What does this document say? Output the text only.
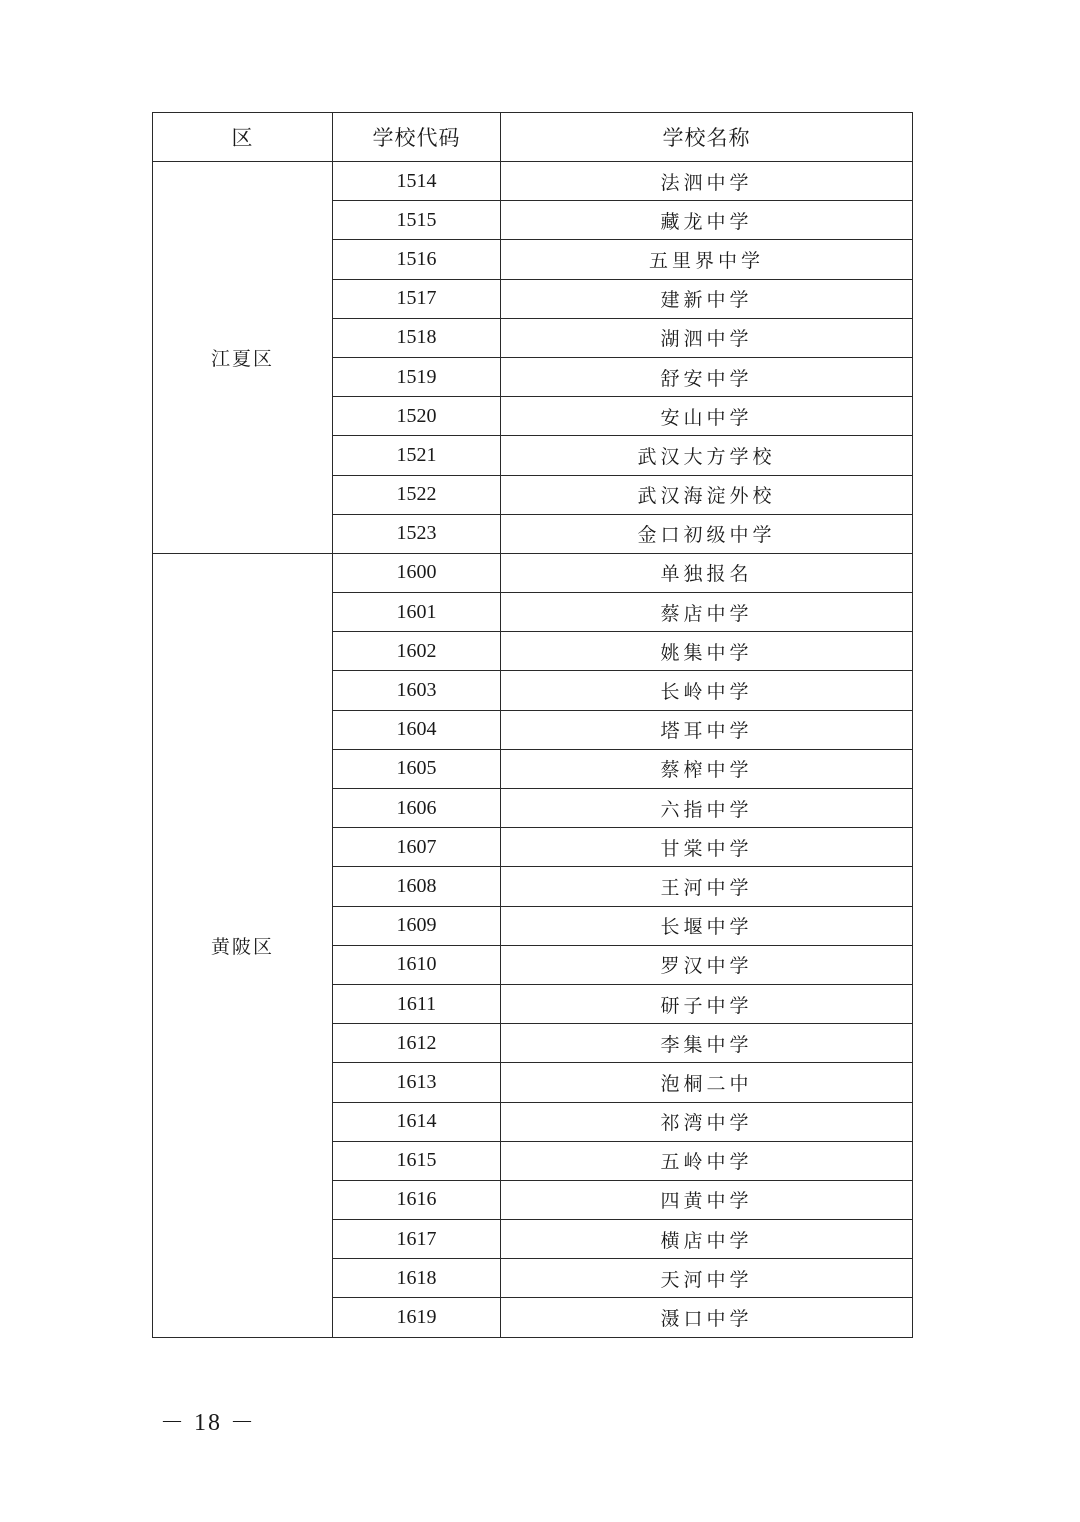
区	学校代码	学校名称
江夏区	1514	法泗中学
	1515	藏龙中学
	1516	五里界中学
	1517	建新中学
	1518	湖泗中学
	1519	舒安中学
	1520	安山中学
	1521	武汉大方学校
	1522	武汉海淀外校
	1523	金口初级中学
黄陂区	1600	单独报名
	1601	蔡店中学
	1602	姚集中学
	1603	长岭中学
	1604	塔耳中学
	1605	蔡榨中学
	1606	六指中学
	1607	甘棠中学
	1608	王河中学
	1609	长堰中学
	1610	罗汉中学
	1611	研子中学
	1612	李集中学
	1613	泡桐二中
	1614	祁湾中学
	1615	五岭中学
	1616	四黄中学
	1617	横店中学
	1618	天河中学
	1619	滠口中学
－ 18 －
